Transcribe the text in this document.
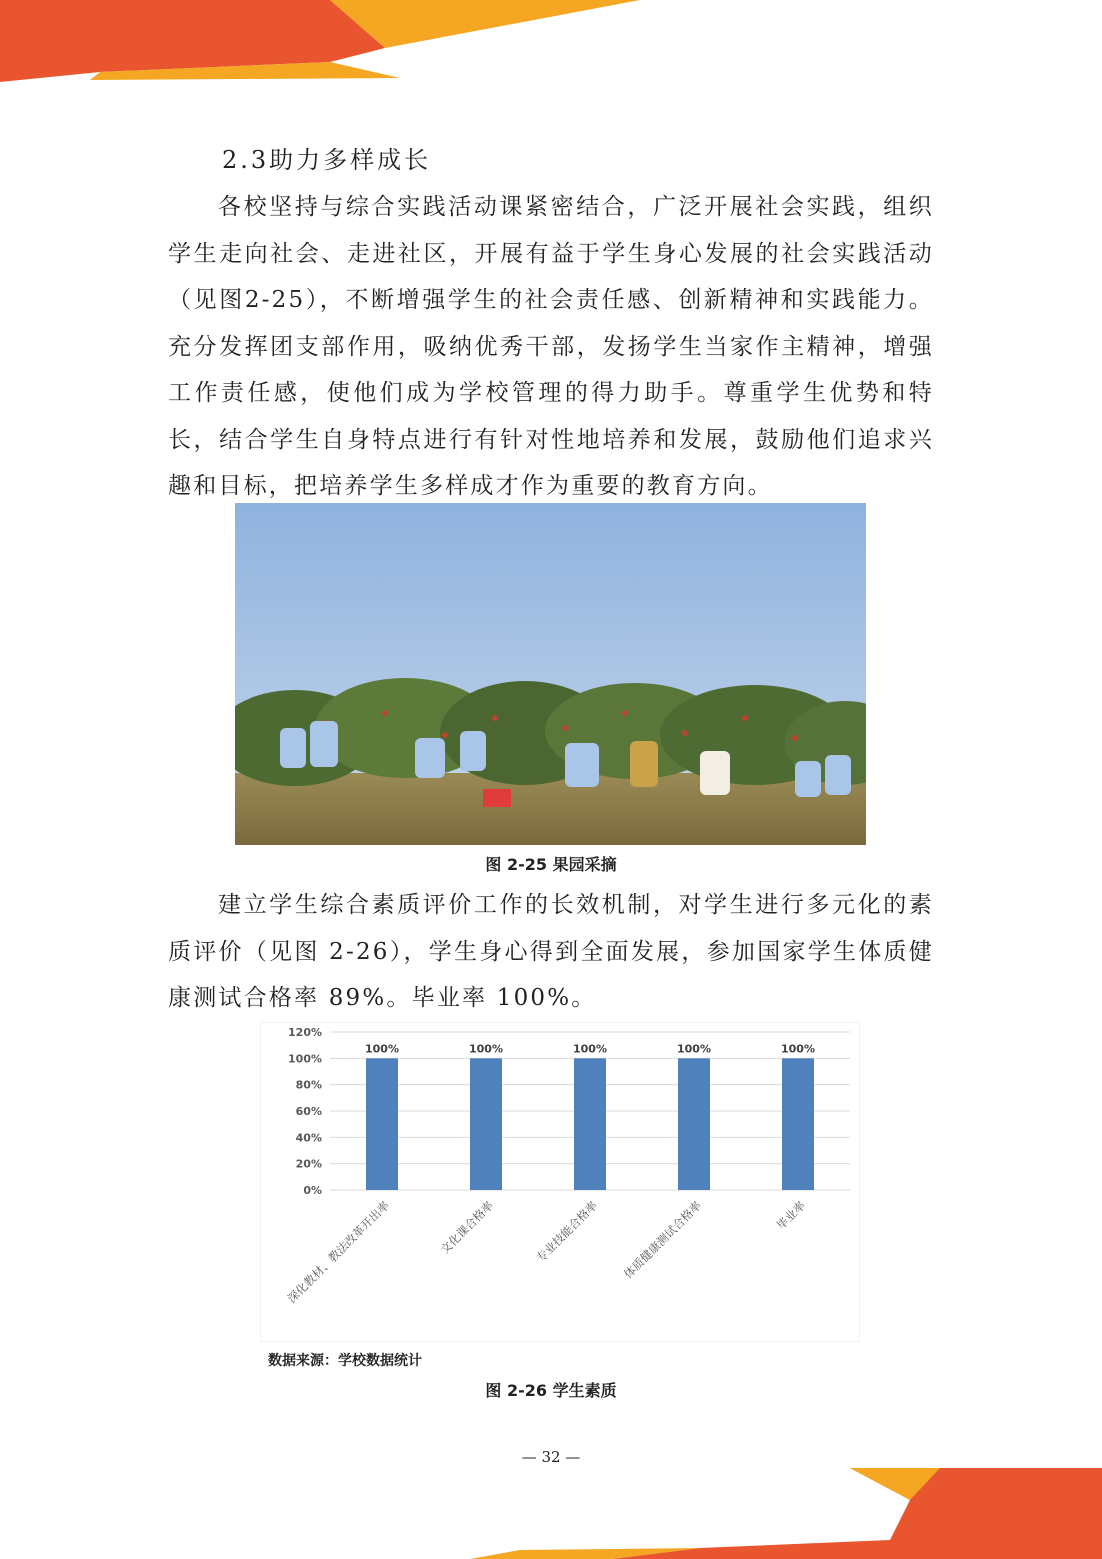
2.3助力多样成长

各校坚持与综合实践活动课紧密结合，广泛开展社会实践，组织学生走向社会、走进社区，开展有益于学生身心发展的社会实践活动（见图2-25），不断增强学生的社会责任感、创新精神和实践能力。充分发挥团支部作用，吸纳优秀干部，发扬学生当家作主精神，增强工作责任感，使他们成为学校管理的得力助手。尊重学生优势和特长，结合学生自身特点进行有针对性地培养和发展，鼓励他们追求兴趣和目标，把培养学生多样成才作为重要的教育方向。

图 2-25 果园采摘

建立学生综合素质评价工作的长效机制，对学生进行多元化的素质评价（见图 2-26），学生身心得到全面发展，参加国家学生体质健康测试合格率 89%。毕业率 100%。

0%
20%
40%
60%
80%
100%
120%
100%
深化教材、教法改革开出率
100%
文化课合格率
100%
专业技能合格率
100%
体质健康测试合格率
100%
毕业率

数据来源：学校数据统计

图 2-26 学生素质

— 32 —
